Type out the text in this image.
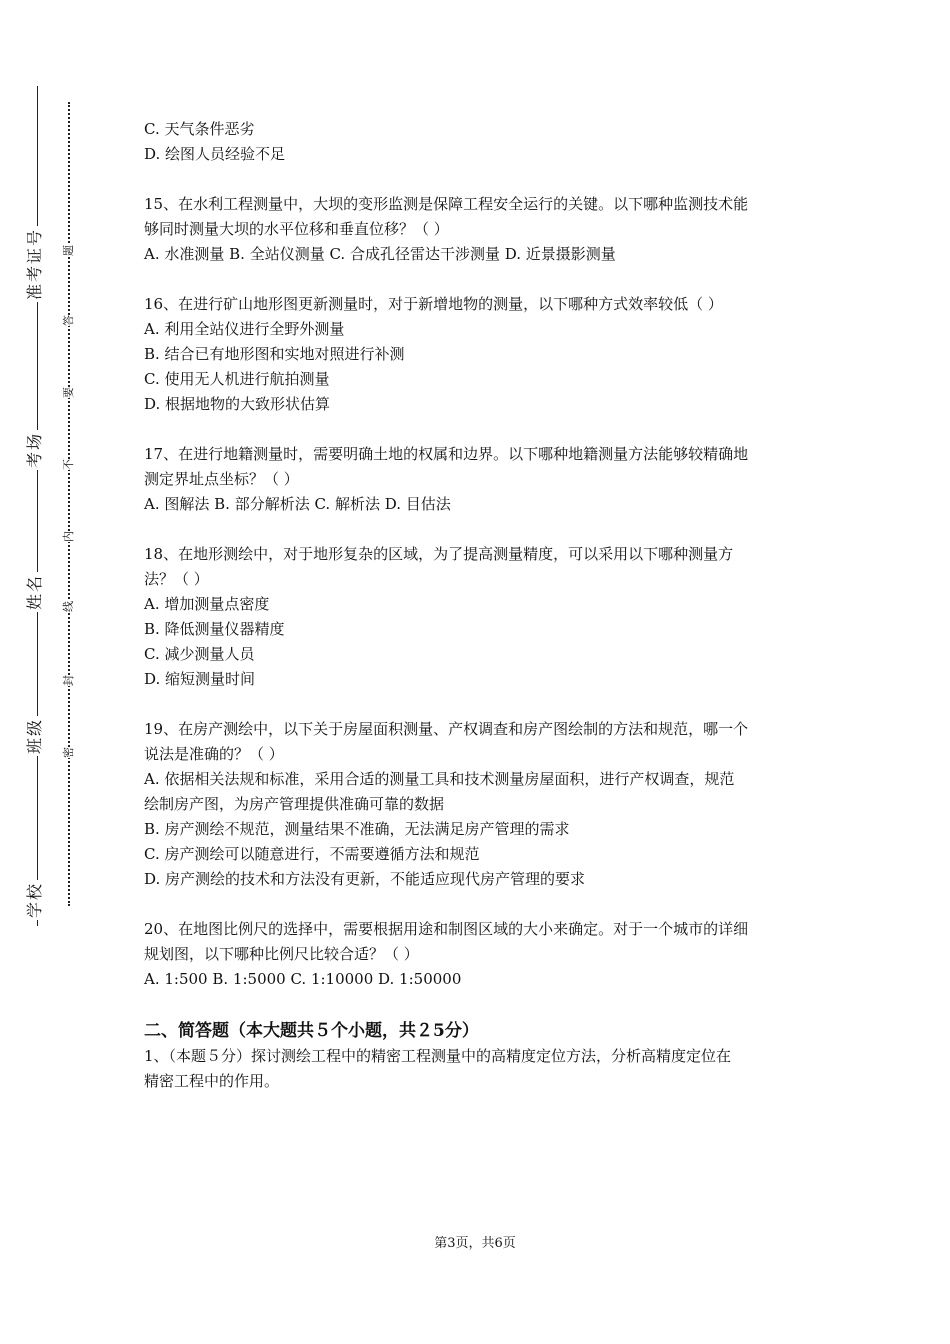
学校
班级
姓名
考场
准考证号
密
封
线
内
不
要
答
题
C. 天气条件恶劣
D. 绘图人员经验不足
15、在水利工程测量中，大坝的变形监测是保障工程安全运行的关键。以下哪种监测技术能
够同时测量大坝的水平位移和垂直位移？（ ）
A. 水准测量 B. 全站仪测量 C. 合成孔径雷达干涉测量 D. 近景摄影测量
16、在进行矿山地形图更新测量时，对于新增地物的测量，以下哪种方式效率较低（ ）
A. 利用全站仪进行全野外测量
B. 结合已有地形图和实地对照进行补测
C. 使用无人机进行航拍测量
D. 根据地物的大致形状估算
17、在进行地籍测量时，需要明确土地的权属和边界。以下哪种地籍测量方法能够较精确地
测定界址点坐标？（ ）
A. 图解法 B. 部分解析法 C. 解析法 D. 目估法
18、在地形测绘中，对于地形复杂的区域，为了提高测量精度，可以采用以下哪种测量方
法？（ ）
A. 增加测量点密度
B. 降低测量仪器精度
C. 减少测量人员
D. 缩短测量时间
19、在房产测绘中，以下关于房屋面积测量、产权调查和房产图绘制的方法和规范，哪一个
说法是准确的？（ ）
A. 依据相关法规和标准，采用合适的测量工具和技术测量房屋面积，进行产权调查，规范
绘制房产图，为房产管理提供准确可靠的数据
B. 房产测绘不规范，测量结果不准确，无法满足房产管理的需求
C. 房产测绘可以随意进行，不需要遵循方法和规范
D. 房产测绘的技术和方法没有更新，不能适应现代房产管理的要求
20、在地图比例尺的选择中，需要根据用途和制图区域的大小来确定。对于一个城市的详细
规划图，以下哪种比例尺比较合适？（ ）
A. 1:500 B. 1:5000 C. 1:10000 D. 1:50000
二、简答题（本大题共５个小题，共２5分）
1、（本题５分）探讨测绘工程中的精密工程测量中的高精度定位方法，分析高精度定位在
精密工程中的作用。
第3页，共6页
